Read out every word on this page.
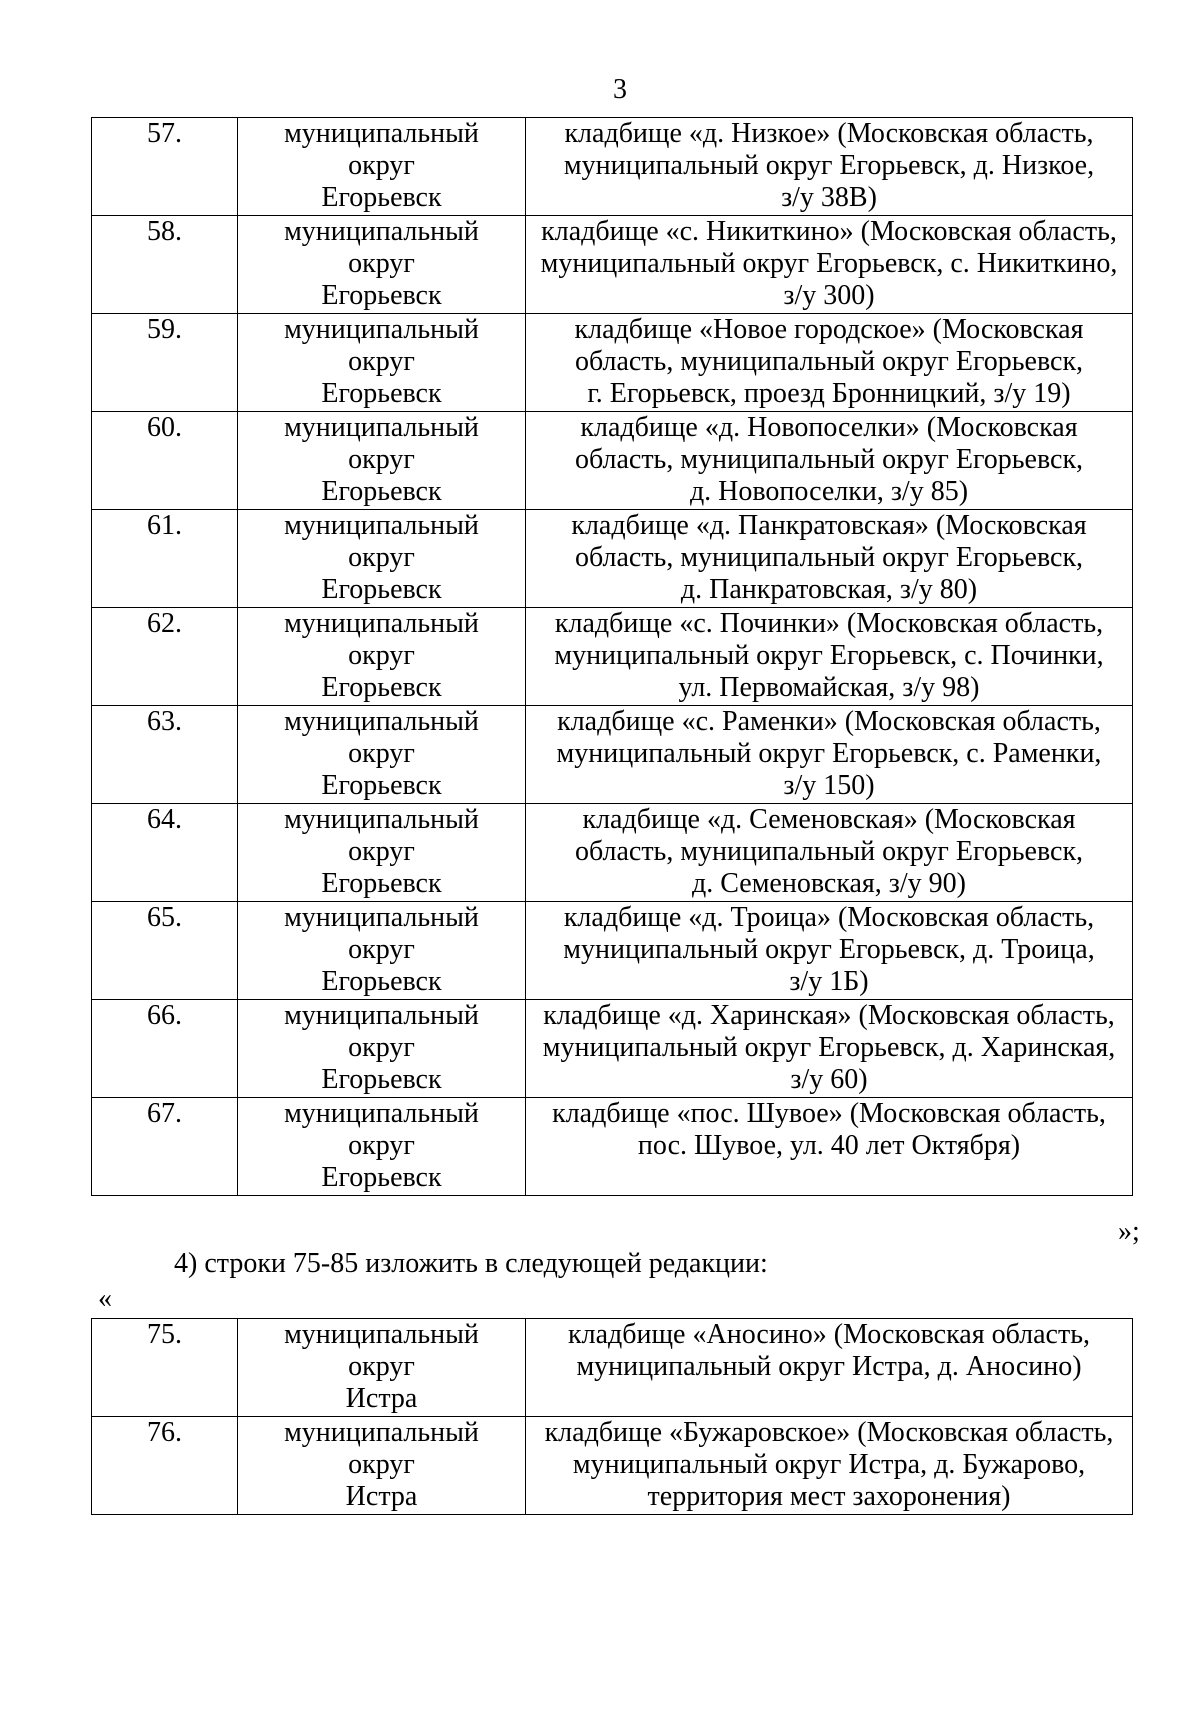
3
57.	муниципальный
округ
Егорьевск	кладбище «д. Низкое» (Московская область,
муниципальный округ Егорьевск, д. Низкое,
з/у 38В)

58.	муниципальный
округ
Егорьевск	кладбище «с. Никиткино» (Московская область,
муниципальный округ Егорьевск, с. Никиткино,
з/у 300)

59.	муниципальный
округ
Егорьевск	кладбище «Новое городское» (Московская
область, муниципальный округ Егорьевск,
г. Егорьевск, проезд Бронницкий, з/у 19)

60.	муниципальный
округ
Егорьевск	кладбище «д. Новопоселки» (Московская
область, муниципальный округ Егорьевск,
д. Новопоселки, з/у 85)

61.	муниципальный
округ
Егорьевск	кладбище «д. Панкратовская» (Московская
область, муниципальный округ Егорьевск,
д. Панкратовская, з/у 80)

62.	муниципальный
округ
Егорьевск	кладбище «с. Починки» (Московская область,
муниципальный округ Егорьевск, с. Починки,
ул. Первомайская, з/у 98)

63.	муниципальный
округ
Егорьевск	кладбище «с. Раменки» (Московская область,
муниципальный округ Егорьевск, с. Раменки,
з/у 150)

64.	муниципальный
округ
Егорьевск	кладбище «д. Семеновская» (Московская
область, муниципальный округ Егорьевск,
д. Семеновская, з/у 90)

65.	муниципальный
округ
Егорьевск	кладбище «д. Троица» (Московская область,
муниципальный округ Егорьевск, д. Троица,
з/у 1Б)

66.	муниципальный
округ
Егорьевск	кладбище «д. Харинская» (Московская область,
муниципальный округ Егорьевск, д. Харинская,
з/у 60)

67.	муниципальный
округ
Егорьевск	кладбище «пос. Шувое» (Московская область,
пос. Шувое, ул. 40 лет Октября)
»;
4) строки 75-85 изложить в следующей редакции:
«
75.	муниципальный
округ
Истра	кладбище «Аносино» (Московская область,
муниципальный округ Истра, д. Аносино)

76.	муниципальный
округ
Истра	кладбище «Бужаровское» (Московская область,
муниципальный округ Истра, д. Бужарово,
территория мест захоронения)
